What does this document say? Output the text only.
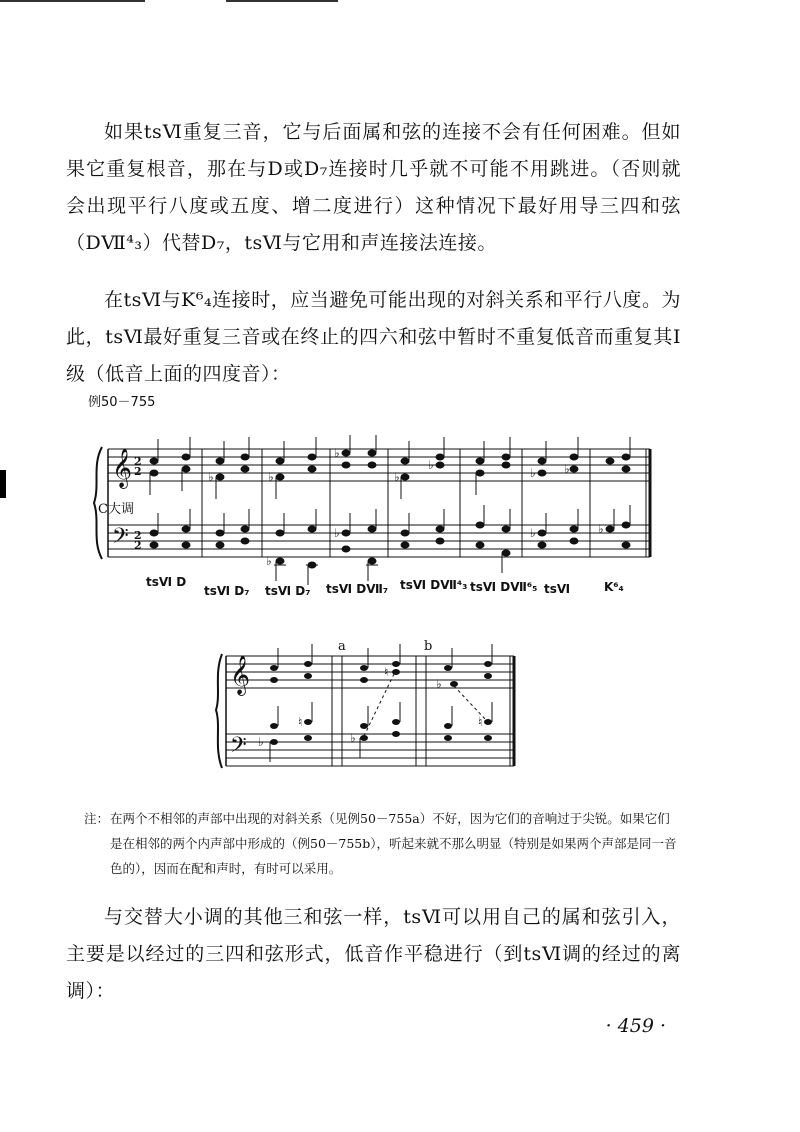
如果tsⅥ重复三音，它与后面属和弦的连接不会有任何困难。但如果它重复根音，那在与D或D₇连接时几乎就不可能不用跳进。（否则就会出现平行八度或五度、增二度进行）这种情况下最好用导三四和弦（DⅦ⁴₃）代替D₇，tsⅥ与它用和声连接法连接。

在tsⅥ与K⁶₄连接时，应当避免可能出现的对斜关系和平行八度。为此，tsⅥ最好重复三音或在终止的四六和弦中暂时不重复低音而重复其Ⅰ级（低音上面的四度音）：

例50－755
𝄞
𝄢
2
2
2
2
♭	♭
♭
♭
♭
♭ ♭
♭	♭	♭
♭
C大调
tsⅥ D
tsⅥ D₇ tsⅥ D₇ tsⅥ DⅦ₇ tsⅥ DⅦ⁴₃ tsⅥ DⅦ⁶₅ tsⅥ	K⁶₄
𝄞
𝄢 ♭	♭
♭
♮
♮
♮
a	b
注： 在两个不相邻的声部中出现的对斜关系（见例50－755a）不好，因为它们的音响过于尖锐。如果它们是在相邻的两个内声部中形成的（例50－755b），听起来就不那么明显（特别是如果两个声部是同一音色的），因而在配和声时，有时可以采用。

与交替大小调的其他三和弦一样，tsⅥ可以用自己的属和弦引入，主要是以经过的三四和弦形式，低音作平稳进行（到tsⅥ调的经过的离调）：

· 459 ·
